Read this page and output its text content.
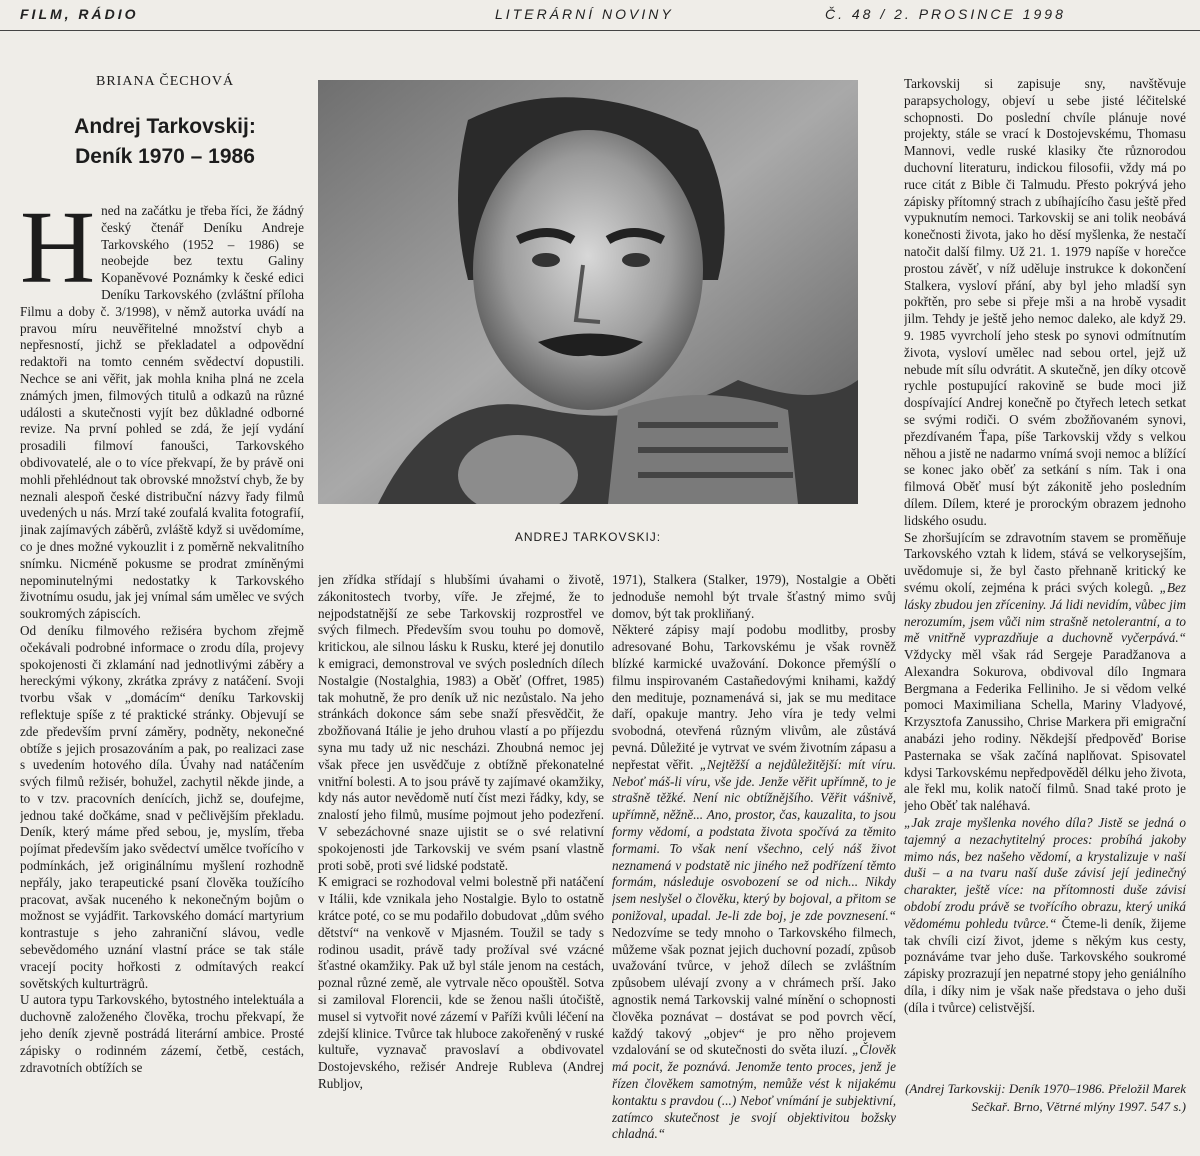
FILM, RÁDIO	LITERÁRNÍ NOVINY	Č. 48 / 2. PROSINCE 1998
BRIANA ČECHOVÁ
Andrej Tarkovskij:
Deník 1970 – 1986

Hned na začátku je třeba říci, že žádný český čtenář Deníku Andreje Tarkovského (1952 – 1986) se neobejde bez textu Galiny Kopaněvové Poznámky k české edici Deníku Tarkovského (zvláštní příloha Filmu a doby č. 3/1998), v němž autorka uvádí na pravou míru neuvěřitelné množství chyb a nepřesností, jichž se překladatel a odpovědní redaktoři na tomto cenném svědectví dopustili. Nechce se ani věřit, jak mohla kniha plná ne zcela známých jmen, filmových titulů a odkazů na různé události a skutečnosti vyjít bez důkladné odborné revize. Na první pohled se zdá, že její vydání prosadili filmoví fanoušci, Tarkovského obdivovatelé, ale o to více překvapí, že by právě oni mohli přehlédnout tak obrovské množství chyb, že by neznali alespoň české distribuční názvy řady filmů uvedených u nás. Mrzí také zoufalá kvalita fotografií, jinak zajímavých záběrů, zvláště když si uvědomíme, co je dnes možné vykouzlit i z poměrně nekvalitního snímku. Nicméně pokusme se prodrat zmíněnými nepominutelnými nedostatky k Tarkovského životnímu osudu, jak jej vnímal sám umělec ve svých soukromých zápiscích.

Od deníku filmového režiséra bychom zřejmě očekávali podrobné informace o zrodu díla, projevy spokojenosti či zklamání nad jednotlivými záběry a hereckými výkony, zkrátka zprávy z natáčení. Svoji tvorbu však v „domácím“ deníku Tarkovskij reflektuje spíše z té praktické stránky. Objevují se zde především první záměry, podněty, nekonečné obtíže s jejich prosazováním a pak, po realizaci zase s uvedením hotového díla. Úvahy nad natáčením svých filmů režisér, bohužel, zachytil někde jinde, a to v tzv. pracovních denících, jichž se, doufejme, jednou také dočkáme, snad v pečlivějším překladu. Deník, který máme před sebou, je, myslím, třeba pojímat především jako svědectví umělce tvořícího v podmínkách, jež originálnímu myšlení rozhodně nepřály, jako terapeutické psaní člověka toužícího pracovat, avšak nuceného k nekonečným bojům o možnost se vyjádřit. Tarkovského domácí martyrium kontrastuje s jeho zahraniční slávou, vedle sebevědomého uznání vlastní práce se tak stále vracejí pocity hořkosti z odmítavých reakcí sovětských kulturträgrů.

U autora typu Tarkovského, bytostného intelektuála a duchovně založeného člověka, trochu překvapí, že jeho deník zjevně postrádá literární ambice. Prosté zápisky o rodinném zázemí, četbě, cestách, zdravotních obtížích se

ANDREJ TARKOVSKIJ:

jen zřídka střídají s hlubšími úvahami o životě, zákonitostech tvorby, víře. Je zřejmé, že to nejpodstatnější ze sebe Tarkovskij rozprostřel ve svých filmech. Především svou touhu po domově, kritickou, ale silnou lásku k Rusku, které jej donutilo k emigraci, demonstroval ve svých posledních dílech Nostalgie (Nostalghia, 1983) a Oběť (Offret, 1985) tak mohutně, že pro deník už nic nezůstalo. Na jeho stránkách dokonce sám sebe snaží přesvědčit, že zbožňovaná Itálie je jeho druhou vlastí a po příjezdu syna mu tady už nic nescházi. Zhoubná nemoc jej však přece jen usvědčuje z obtížně překonatelné vnitřní bolesti. A to jsou právě ty zajímavé okamžiky, kdy nás autor nevědomě nutí číst mezi řádky, kdy, se znalostí jeho filmů, musíme pojmout jeho podezření. V sebezáchovné snaze ujistit se o své relativní spokojenosti jde Tarkovskij ve svém psaní vlastně proti sobě, proti své lidské podstatě.

K emigraci se rozhodoval velmi bolestně při natáčení v Itálii, kde vznikala jeho Nostalgie. Bylo to ostatně krátce poté, co se mu podařilo dobudovat „dům svého dětství“ na venkově v Mjasném. Toužil se tady s rodinou usadit, právě tady prožíval své vzácné šťastné okamžiky. Pak už byl stále jenom na cestách, poznal různé země, ale vytrvale něco opouštěl. Sotva si zamiloval Florencii, kde se ženou našli útočiště, musel si vytvořit nové zázemí v Paříži kvůli léčení na zdejší klinice. Tvůrce tak hluboce zakořeněný v ruské kultuře, vyznavač pravoslaví a obdivovatel Dostojevského, režisér Andreje Rubleva (Andrej Rubljov,

1971), Stalkera (Stalker, 1979), Nostalgie a Oběti jednoduše nemohl být trvale šťastný mimo svůj domov, být tak prokliňaný.

Některé zápisy mají podobu modlitby, prosby adresované Bohu, Tarkovskému je však rovněž blízké karmické uvažování. Dokonce přemýšlí o filmu inspirovaném Castañedovými knihami, každý den medituje, poznamenává si, jak se mu meditace daří, opakuje mantry. Jeho víra je tedy velmi svobodná, otevřená různým vlivům, ale zůstává pevná. Důležité je vytrvat ve svém životním zápasu a nepřestat věřit. „Nejtěžší a nejdůležitější: mít víru. Neboť máš-li víru, vše jde. Jenže věřit upřímně, to je strašně těžké. Není nic obtížnějšího. Věřit vášnivě, upřímně, něžně... Ano, prostor, čas, kauzalita, to jsou formy vědomí, a podstata života spočívá za těmito formami. To však není všechno, celý náš život neznamená v podstatě nic jiného než podřízení těmto formám, následuje osvobození se od nich... Nikdy jsem neslyšel o člověku, který by bojoval, a přitom se ponižoval, upadal. Je-li zde boj, je zde povznesení.“ Nedozvíme se tedy mnoho o Tarkovského filmech, můžeme však poznat jejich duchovní pozadí, způsob uvažování tvůrce, v jehož dílech se zvláštním způsobem ulévají zvony a v chrámech prší. Jako agnostik nemá Tarkovskij valné mínění o schopnosti člověka poznávat – dostávat se pod povrch věcí, každý takový „objev“ je pro něho projevem vzdalování se od skutečnosti do světa iluzí. „Člověk má pocit, že poznává. Jenomže tento proces, jenž je řízen člověkem samotným, nemůže vést k nijakému kontaktu s pravdou (...) Neboť vnímání je subjektivní, zatímco skutečnost je svojí objektivitou božsky chladná.“

Tarkovskij si zapisuje sny, navštěvuje parapsychology, objeví u sebe jisté léčitelské schopnosti. Do poslední chvíle plánuje nové projekty, stále se vrací k Dostojevskému, Thomasu Mannovi, vedle ruské klasiky čte různorodou duchovní literaturu, indickou filosofii, vždy má po ruce citát z Bible či Talmudu. Přesto pokrývá jeho zápisky přítomný strach z ubíhajícího času ještě před vypuknutím nemoci. Tarkovskij se ani tolik neobává konečnosti života, jako ho děsí myšlenka, že nestačí natočit další filmy. Už 21. 1. 1979 napíše v horečce prostou závěť, v níž uděluje instrukce k dokončení Stalkera, vysloví přání, aby byl jeho mladší syn pokřtěn, pro sebe si přeje mši a na hrobě vysadit jilm. Tehdy je ještě jeho nemoc daleko, ale když 29. 9. 1985 vyvrcholí jeho stesk po synovi odmítnutím života, vysloví umělec nad sebou ortel, jejž už nebude mít sílu odvrátit. A skutečně, jen díky otcově rychle postupující rakovině se bude moci již dospívající Andrej konečně po čtyřech letech setkat se svými rodiči. O svém zbožňovaném synovi, přezdívaném Ťapa, píše Tarkovskij vždy s velkou něhou a jistě ne nadarmo vnímá svoji nemoc a blížící se konec jako oběť za setkání s ním. Tak i ona filmová Oběť musí být zákonitě jeho posledním dílem. Dílem, které je prorockým obrazem jednoho lidského osudu.

Se zhoršujícím se zdravotním stavem se proměňuje Tarkovského vztah k lidem, stává se velkorysejším, uvědomuje si, že byl často přehnaně kritický ke svému okolí, zejména k práci svých kolegů. „Bez lásky zbudou jen zříceniny. Já lidi nevidím, vůbec jim nerozumím, jsem vůči nim strašně netolerantní, a to mě vnitřně vyprazdňuje a duchovně vyčerpává.“ Vždycky měl však rád Sergeje Paradžanova a Alexandra Sokurova, obdivoval dílo Ingmara Bergmana a Federika Felliniho. Je si vědom velké pomoci Maximiliana Schella, Mariny Vladyové, Krzysztofa Zanussiho, Chrise Markera při emigrační anabázi jeho rodiny. Někdejší předpověď Borise Pasternaka se však začíná naplňovat. Spisovatel kdysi Tarkovskému nepředpověděl délku jeho života, ale řekl mu, kolik natočí filmů. Snad také proto je jeho Oběť tak naléhavá.

„Jak zraje myšlenka nového díla? Jistě se jedná o tajemný a nezachytitelný proces: probíhá jakoby mimo nás, bez našeho vědomí, a krystalizuje v naší duši – a na tvaru naší duše závisí její jedinečný charakter, ještě více: na přítomnosti duše závisí období zrodu právě se tvořícího obrazu, který uniká vědomému pohledu tvůrce.“ Čteme-li deník, žijeme tak chvíli cizí život, jdeme s někým kus cesty, poznáváme tvar jeho duše. Tarkovského soukromé zápisky prozrazují jen nepatrné stopy jeho geniálního díla, i díky nim je však naše představa o jeho duši (díla i tvůrce) celistvější.

(Andrej Tarkovskij: Deník 1970–1986. Přeložil Marek Sečkař. Brno, Větrné mlýny 1997. 547 s.)
